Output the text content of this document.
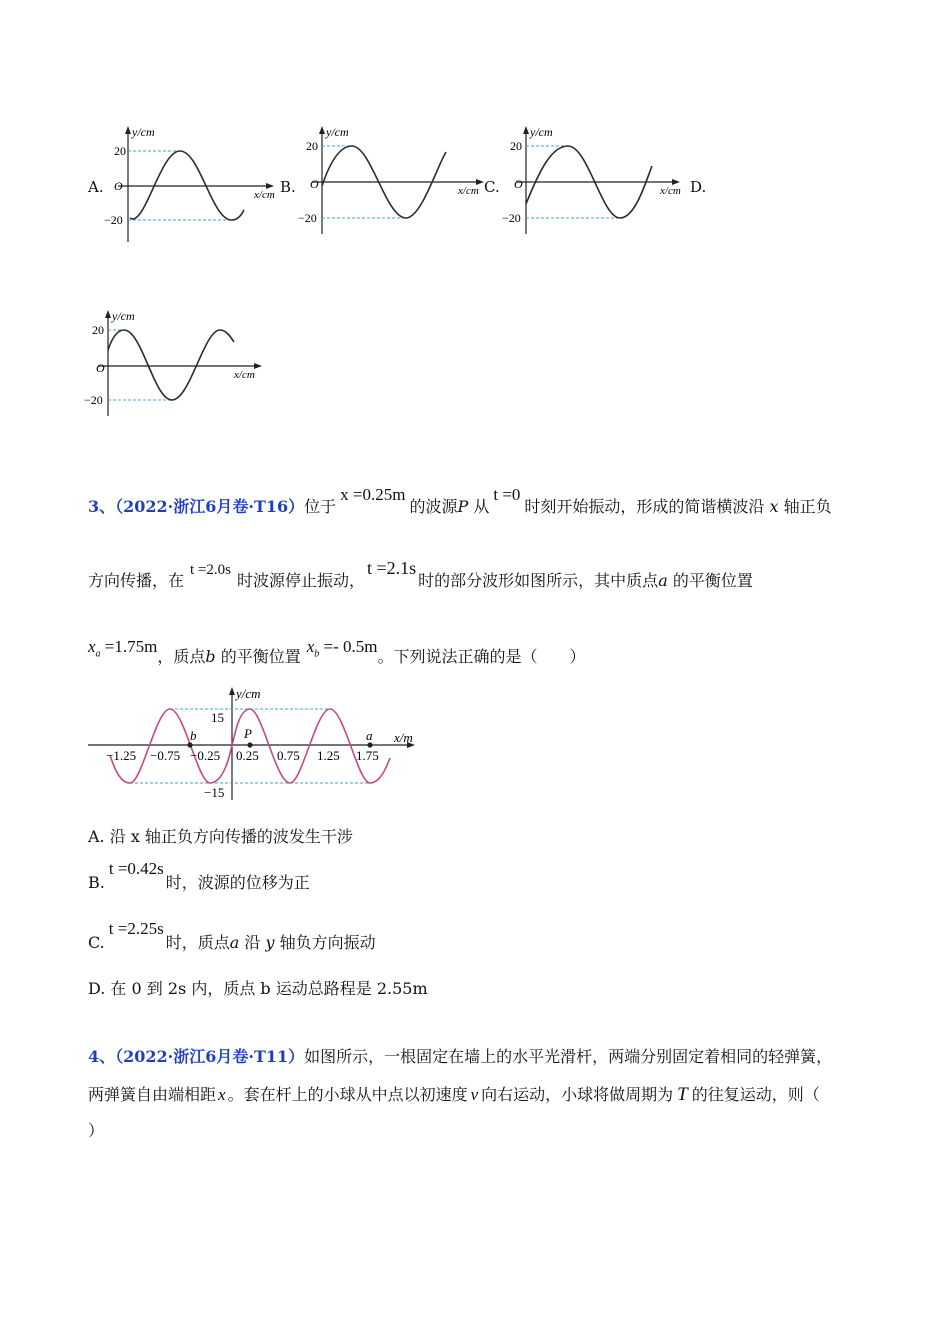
A.	B.	C.	D.
y/cm
20
O
−20
x/cm
y/cm
20
O
−20
x/cm
y/cm
20
O
−20
x/cm
y/cm
20
O
−20
x/cm
3、（2022·浙江6月卷·T16）位于x =0.25m的波源P 从t =0时刻开始振动，形成的简谐横波沿 x 轴正负
方向传播，在t =2.0s时波源停止振动，t =2.1s时的部分波形如图所示，其中质点a 的平衡位置
$x_a =1.75m$，质点b 的平衡位置$x_b =- 0.5m$。下列说法正确的是（　　）
y/cm
15
−15
x/m
b	P	a
−1.25 −0.75 −0.25 0.25 0.75 1.25 1.75
A. 沿 x 轴正负方向传播的波发生干涉
B.t =0.42s时，波源的位移为正
C.t =2.25s时，质点a 沿 y 轴负方向振动
D. 在 0 到 2s 内，质点 b 运动总路程是 2.55m
4、（2022·浙江6月卷·T11）如图所示，一根固定在墙上的水平光滑杆，两端分别固定着相同的轻弹簧，
两弹簧自由端相距 x 。套在杆上的小球从中点以初速度 v 向右运动，小球将做周期为 T 的往复运动，则（
）
